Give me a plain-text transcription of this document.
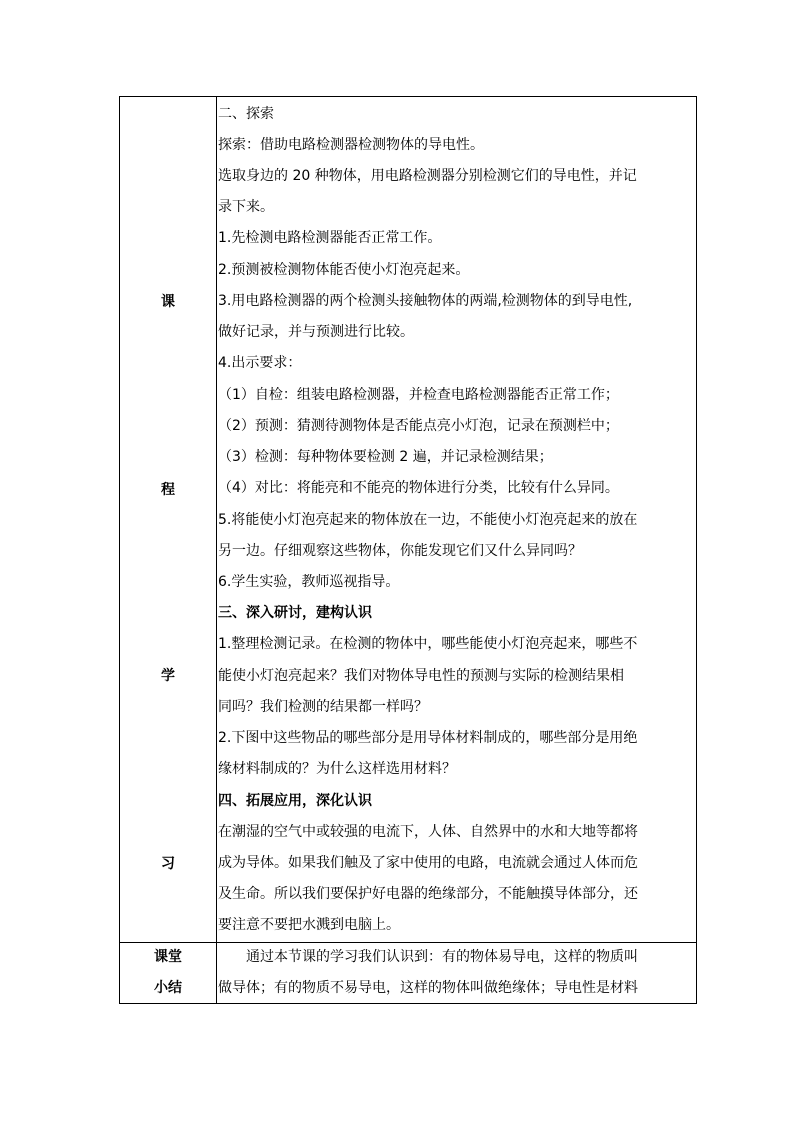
课
程
学
习
课堂
小结
二、探索
探索：借助电路检测器检测物体的导电性。
选取身边的 20 种物体，用电路检测器分别检测它们的导电性，并记
录下来。
1.先检测电路检测器能否正常工作。
2.预测被检测物体能否使小灯泡亮起来。
3.用电路检测器的两个检测头接触物体的两端,检测物体的到导电性,
做好记录，并与预测进行比较。
4.出示要求：
（1）自检：组装电路检测器，并检查电路检测器能否正常工作；
（2）预测：猜测待测物体是否能点亮小灯泡，记录在预测栏中；
（3）检测：每种物体要检测 2 遍，并记录检测结果；
（4）对比：将能亮和不能亮的物体进行分类，比较有什么异同。
5.将能使小灯泡亮起来的物体放在一边，不能使小灯泡亮起来的放在
另一边。仔细观察这些物体，你能发现它们又什么异同吗？
6.学生实验，教师巡视指导。
三、深入研讨，建构认识
1.整理检测记录。在检测的物体中，哪些能使小灯泡亮起来，哪些不
能使小灯泡亮起来？我们对物体导电性的预测与实际的检测结果相
同吗？我们检测的结果都一样吗？
2.下图中这些物品的哪些部分是用导体材料制成的，哪些部分是用绝
缘材料制成的？为什么这样选用材料？
四、拓展应用，深化认识
在潮湿的空气中或较强的电流下，人体、自然界中的水和大地等都将
成为导体。如果我们触及了家中使用的电路，电流就会通过人体而危
及生命。所以我们要保护好电器的绝缘部分，不能触摸导体部分，还
要注意不要把水溅到电脑上。
通过本节课的学习我们认识到：有的物体易导电，这样的物质叫
做导体；有的物质不易导电，这样的物体叫做绝缘体；导电性是材料
